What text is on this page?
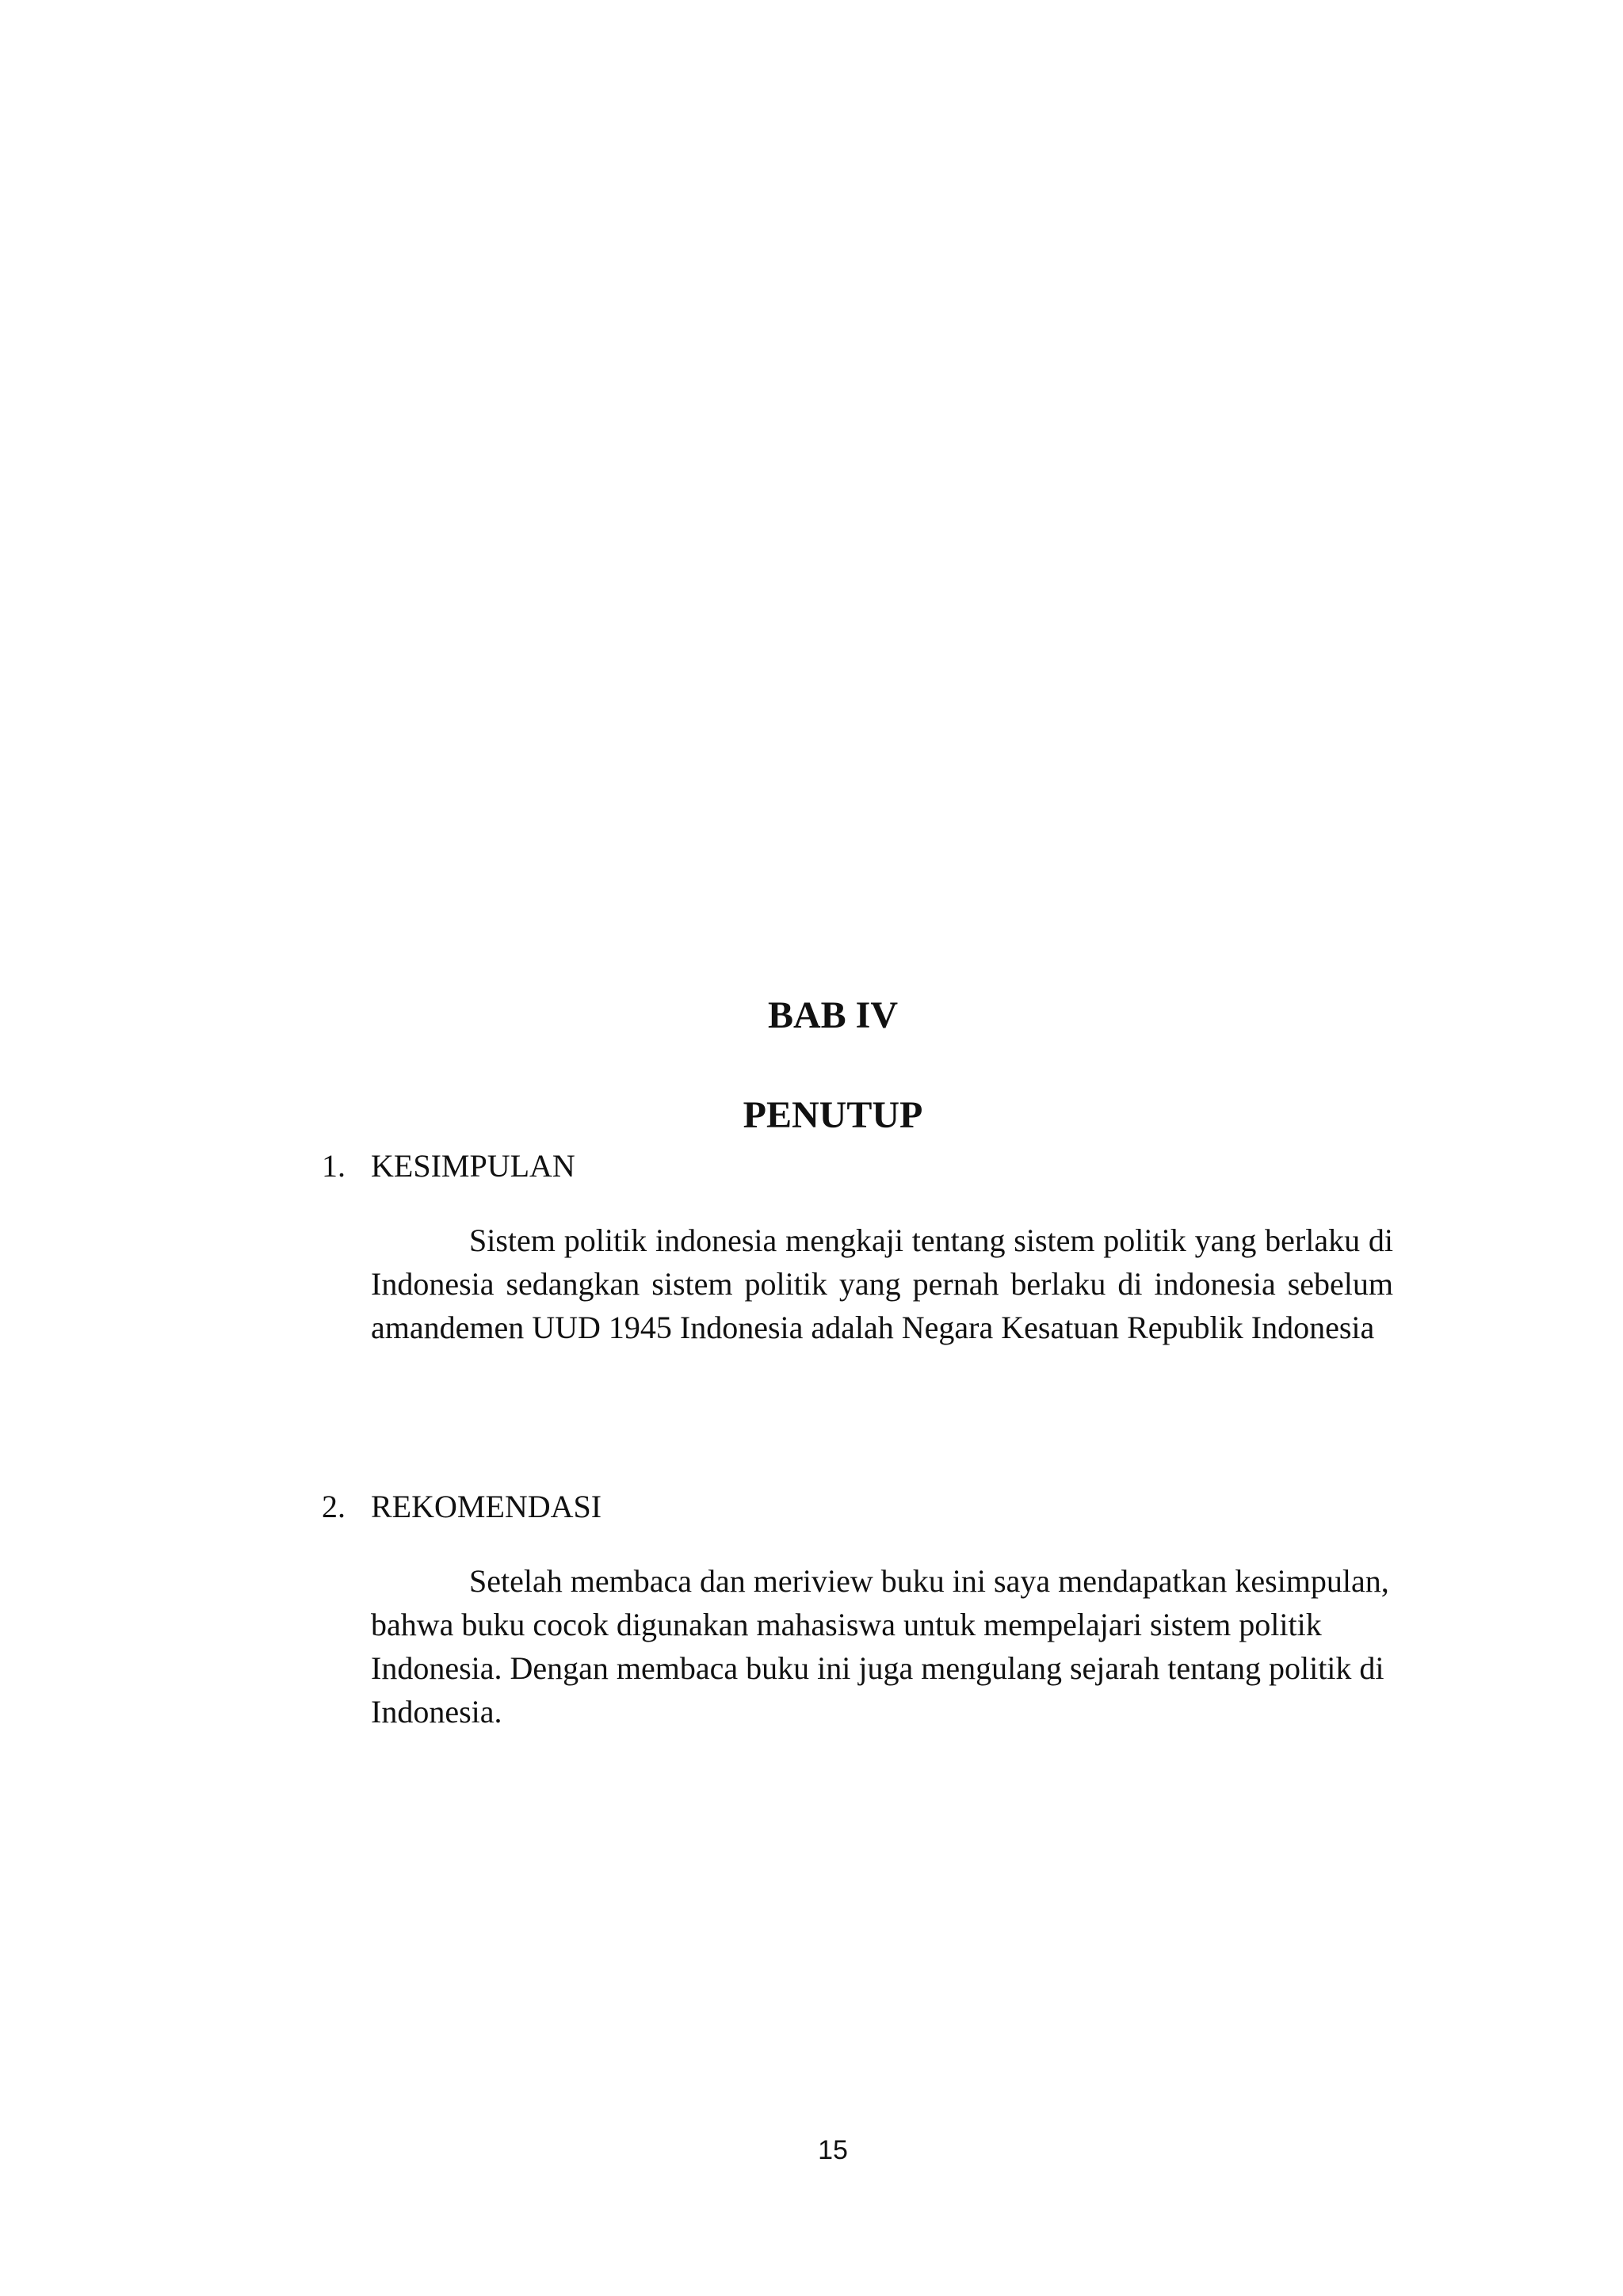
BAB IV
PENUTUP
1. KESIMPULAN

Sistem politik indonesia mengkaji tentang sistem politik yang berlaku di Indonesia sedangkan sistem politik yang pernah berlaku di indonesia sebelum amandemen UUD 1945 Indonesia adalah Negara Kesatuan Republik Indonesia

2. REKOMENDASI

Setelah membaca dan meriview buku ini saya mendapatkan kesimpulan, bahwa buku cocok digunakan mahasiswa untuk mempelajari sistem politik Indonesia. Dengan membaca buku ini juga mengulang sejarah tentang politik di Indonesia.

15
